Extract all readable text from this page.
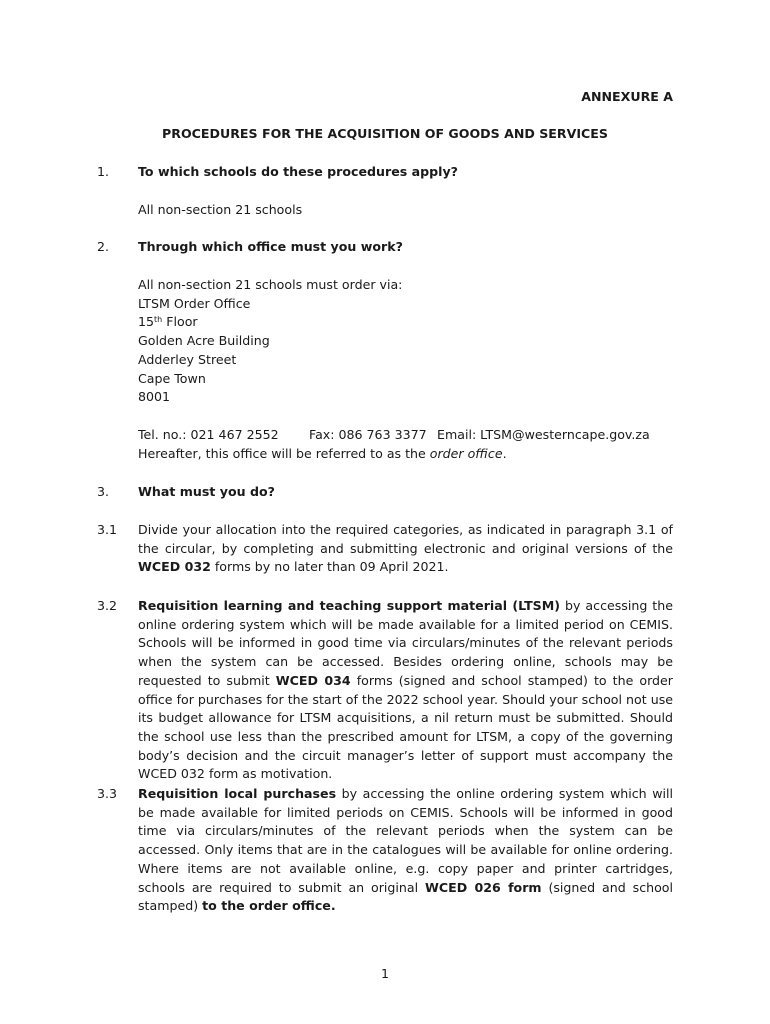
ANNEXURE A
PROCEDURES FOR THE ACQUISITION OF GOODS AND SERVICES
1. To which schools do these procedures apply?
All non-section 21 schools
2. Through which office must you work?
All non-section 21 schools must order via:
LTSM Order Office
15th Floor
Golden Acre Building
Adderley Street
Cape Town
8001
Tel. no.: 021 467 2552 Fax: 086 763 3377 Email: LTSM@westerncape.gov.za
Hereafter, this office will be referred to as the order office.
3. What must you do?
3.1 Divide your allocation into the required categories, as indicated in paragraph 3.1 of the circular, by completing and submitting electronic and original versions of the WCED 032 forms by no later than 09 April 2021.
3.2 Requisition learning and teaching support material (LTSM) by accessing the online ordering system which will be made available for a limited period on CEMIS. Schools will be informed in good time via circulars/minutes of the relevant periods when the system can be accessed. Besides ordering online, schools may be requested to submit WCED 034 forms (signed and school stamped) to the order office for purchases for the start of the 2022 school year. Should your school not use its budget allowance for LTSM acquisitions, a nil return must be submitted. Should the school use less than the prescribed amount for LTSM, a copy of the governing body’s decision and the circuit manager’s letter of support must accompany the WCED 032 form as motivation.
3.3 Requisition local purchases by accessing the online ordering system which will be made available for limited periods on CEMIS. Schools will be informed in good time via circulars/minutes of the relevant periods when the system can be accessed. Only items that are in the catalogues will be available for online ordering. Where items are not available online, e.g. copy paper and printer cartridges, schools are required to submit an original WCED 026 form (signed and school stamped) to the order office.
1
